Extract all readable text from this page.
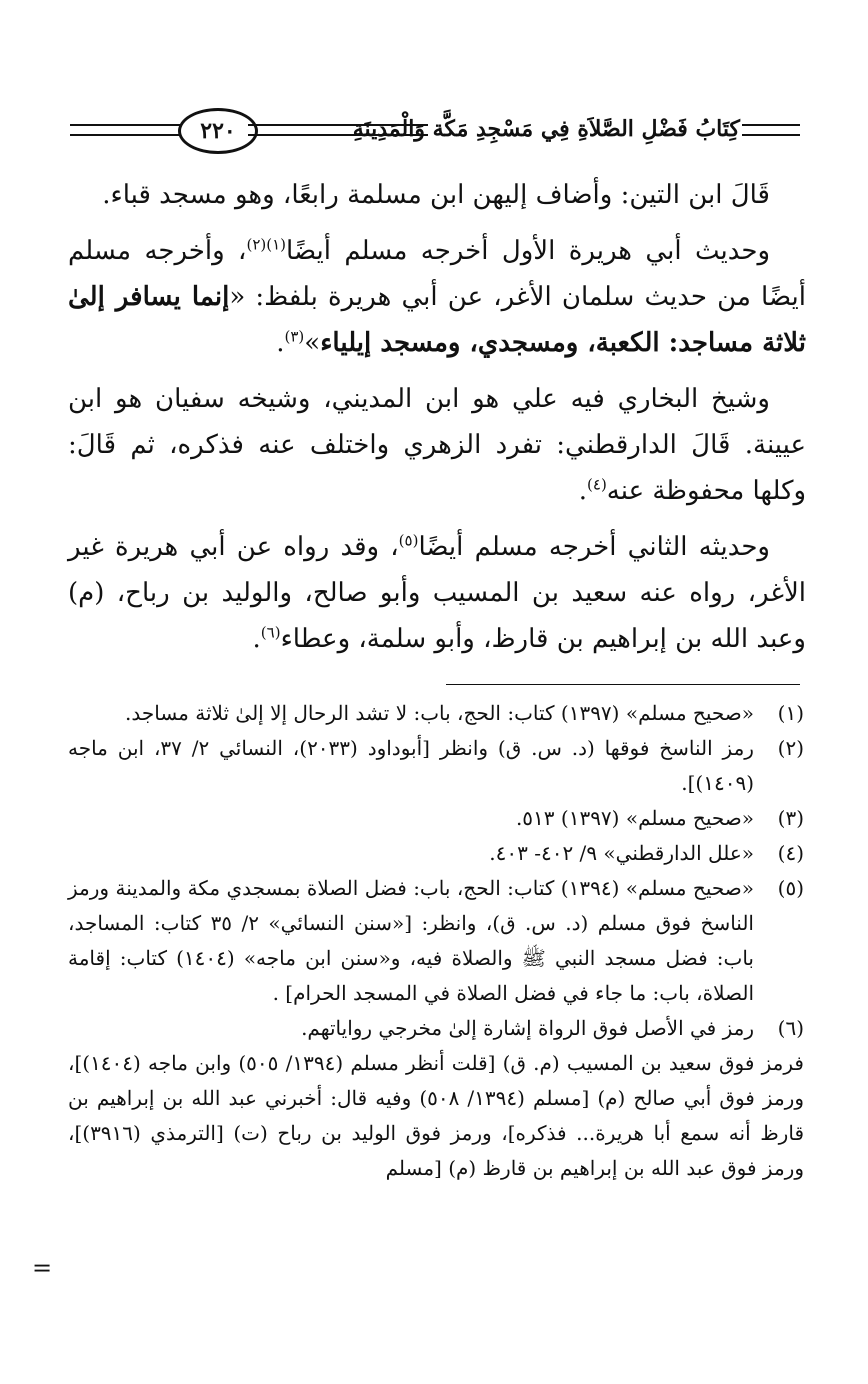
٢٢٠	كِتَابُ فَضْلِ الصَّلاَةِ فِي مَسْجِدِ مَكَّة وَالْمَدِينَةِ

قَالَ ابن التين: وأضاف إليهن ابن مسلمة رابعًا، وهو مسجد قباء.

وحديث أبي هريرة الأول أخرجه مسلم أيضًا$^{(١)(٢)}$، وأخرجه مسلم أيضًا من حديث سلمان الأغر، عن أبي هريرة بلفظ: «إنما يسافر إلىٰ ثلاثة مساجد: الكعبة، ومسجدي، ومسجد إيلياء»$^{(٣)}$.

وشيخ البخاري فيه علي هو ابن المديني، وشيخه سفيان هو ابن عيينة. قَالَ الدارقطني: تفرد الزهري واختلف عنه فذكره، ثم قَالَ: وكلها محفوظة عنه$^{(٤)}$.

وحديثه الثاني أخرجه مسلم أيضًا$^{(٥)}$، وقد رواه عن أبي هريرة غير الأغر، رواه عنه سعيد بن المسيب وأبو صالح، والوليد بن رباح، (م) وعبد الله بن إبراهيم بن قارظ، وأبو سلمة، وعطاء$^{(٦)}$.

(١)
«صحيح مسلم» (١٣٩٧) كتاب: الحج، باب: لا تشد الرحال إلا إلىٰ ثلاثة مساجد.
(٢)
رمز الناسخ فوقها (د. س. ق) وانظر [أبوداود (٢٠٣٣)، النسائي ٢/ ٣٧، ابن ماجه (١٤٠٩)].
(٣)
«صحيح مسلم» (١٣٩٧) ٥١٣.
(٤)
«علل الدارقطني» ٩/ ٤٠٢- ٤٠٣.
(٥)
«صحيح مسلم» (١٣٩٤) كتاب: الحج، باب: فضل الصلاة بمسجدي مكة والمدينة ورمز الناسخ فوق مسلم (د. س. ق)، وانظر: [«سنن النسائي» ٢/ ٣٥ كتاب: المساجد، باب: فضل مسجد النبي ﷺ والصلاة فيه، و«سنن ابن ماجه» (١٤٠٤) كتاب: إقامة الصلاة، باب: ما جاء في فضل الصلاة في المسجد الحرام] .
(٦)
رمز في الأصل فوق الرواة إشارة إلىٰ مخرجي رواياتهم.
فرمز فوق سعيد بن المسيب (م. ق) [قلت أنظر مسلم (١٣٩٤/ ٥٠٥) وابن ماجه (١٤٠٤)]، ورمز فوق أبي صالح (م) [مسلم (١٣٩٤/ ٥٠٨) وفيه قال: أخبرني عبد الله بن إبراهيم بن قارظ أنه سمع أبا هريرة... فذكره]، ورمز فوق الوليد بن رباح (ت) [الترمذي (٣٩١٦)]، ورمز فوق عبد الله بن إبراهيم بن قارظ (م) [مسلم
=
